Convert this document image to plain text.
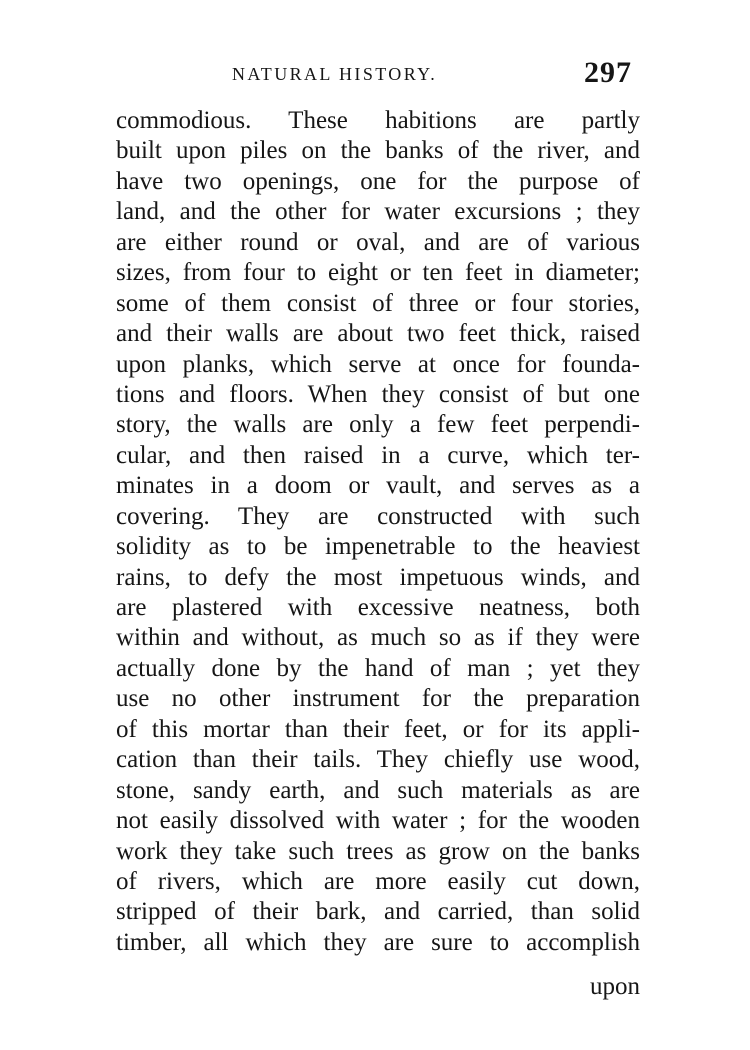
NATURAL HISTORY.	297
commodious. These habitions are partly
built upon piles on the banks of the river, and
have two openings, one for the purpose of
land, and the other for water excursions ; they
are either round or oval, and are of various
sizes, from four to eight or ten feet in diameter;
some of them consist of three or four stories,
and their walls are about two feet thick, raised
upon planks, which serve at once for founda-
tions and floors. When they consist of but one
story, the walls are only a few feet perpendi-
cular, and then raised in a curve, which ter-
minates in a doom or vault, and serves as a
covering. They are constructed with such
solidity as to be impenetrable to the heaviest
rains, to defy the most impetuous winds, and
are plastered with excessive neatness, both
within and without, as much so as if they were
actually done by the hand of man ; yet they
use no other instrument for the preparation
of this mortar than their feet, or for its appli-
cation than their tails. They chiefly use wood,
stone, sandy earth, and such materials as are
not easily dissolved with water ; for the wooden
work they take such trees as grow on the banks
of rivers, which are more easily cut down,
stripped of their bark, and carried, than solid
timber, all which they are sure to accomplish
upon
